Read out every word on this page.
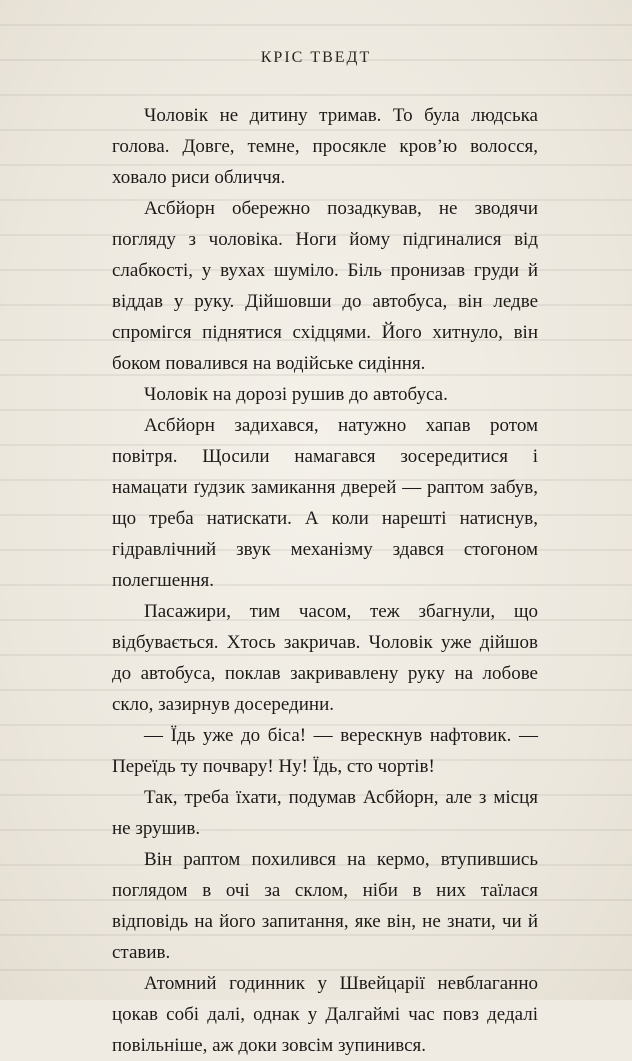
КРІС ТВЕДТ

Чоловік не дитину тримав. То була людська голова. Довге, темне, просякле кров’ю волосся, ховало риси обличчя.

Асбйорн обережно позадкував, не зводячи погляду з чоловіка. Ноги йому підгиналися від слабкості, у вухах шуміло. Біль пронизав груди й віддав у руку. Дійшовши до автобуса, він ледве спромігся піднятися східцями. Його хитнуло, він боком повалився на водійське сидіння.

Чоловік на дорозі рушив до автобуса.

Асбйорн задихався, натужно хапав ротом повітря. Щосили намагався зосередитися і намацати ґудзик замикання дверей — раптом забув, що треба натискати. А коли нарешті натиснув, гідравлічний звук механізму здався стогоном полегшення.

Пасажири, тим часом, теж збагнули, що відбувається. Хтось закричав. Чоловік уже дійшов до автобуса, поклав закривавлену руку на лобове скло, зазирнув досередини.

— Їдь уже до біса! — верескнув нафтовик. — Переїдь ту почвару! Ну! Їдь, сто чортів!

Так, треба їхати, подумав Асбйорн, але з місця не зрушив.

Він раптом похилився на кермо, втупившись поглядом в очі за склом, ніби в них таїлася відповідь на його запитання, яке він, не знати, чи й ставив.

Атомний годинник у Швейцарії невблаганно цокав собі далі, однак у Далгаймі час повз дедалі повільніше, аж доки зовсім зупинився.
